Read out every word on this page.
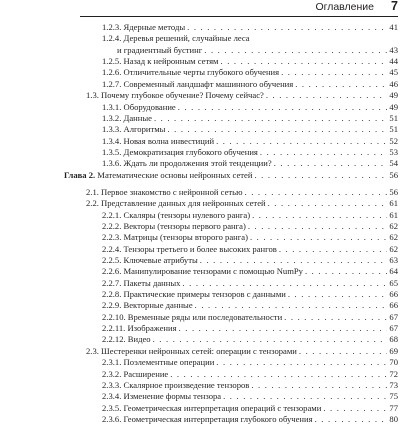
Оглавление 7
1.2.3. Ядерные методы . . .	41
1.2.4. Деревья решений, случайные леса
и градиентный бустинг . . .	43
1.2.5. Назад к нейронным сетям . . .	44
1.2.6. Отличительные черты глубокого обучения . . .	45
1.2.7. Современный ландшафт машинного обучения . . .	46
1.3. Почему глубокое обучение? Почему сейчас? . . .	49
1.3.1. Оборудование . . .	49
1.3.2. Данные . . .	51
1.3.3. Алгоритмы . . .	51
1.3.4. Новая волна инвестиций . . .	52
1.3.5. Демократизация глубокого обучения . . .	53
1.3.6. Ждать ли продолжения этой тенденции? . . .	54
Глава 2. Математические основы нейронных сетей . . .	56
2.1. Первое знакомство с нейронной сетью . . .	56
2.2. Представление данных для нейронных сетей . . .	61
2.2.1. Скаляры (тензоры нулевого ранга) . . .	61
2.2.2. Векторы (тензоры первого ранга) . . .	62
2.2.3. Матрицы (тензоры второго ранга) . . .	62
2.2.4. Тензоры третьего и более высоких рангов . . .	62
2.2.5. Ключевые атрибуты . . .	63
2.2.6. Манипулирование тензорами с помощью NumPy . . .	64
2.2.7. Пакеты данных . . .	65
2.2.8. Практические примеры тензоров с данными . . .	66
2.2.9. Векторные данные . . .	66
2.2.10. Временные ряды или последовательности . . .	67
2.2.11. Изображения . . .	67
2.2.12. Видео . . .	68
2.3. Шестеренки нейронных сетей: операции с тензорами . . .	69
2.3.1. Поэлементные операции . . .	70
2.3.2. Расширение . . .	72
2.3.3. Скалярное произведение тензоров . . .	73
2.3.4. Изменение формы тензора . . .	75
2.3.5. Геометрическая интерпретация операций с тензорами . . .	77
2.3.6. Геометрическая интерпретация глубокого обучения . . .	80
